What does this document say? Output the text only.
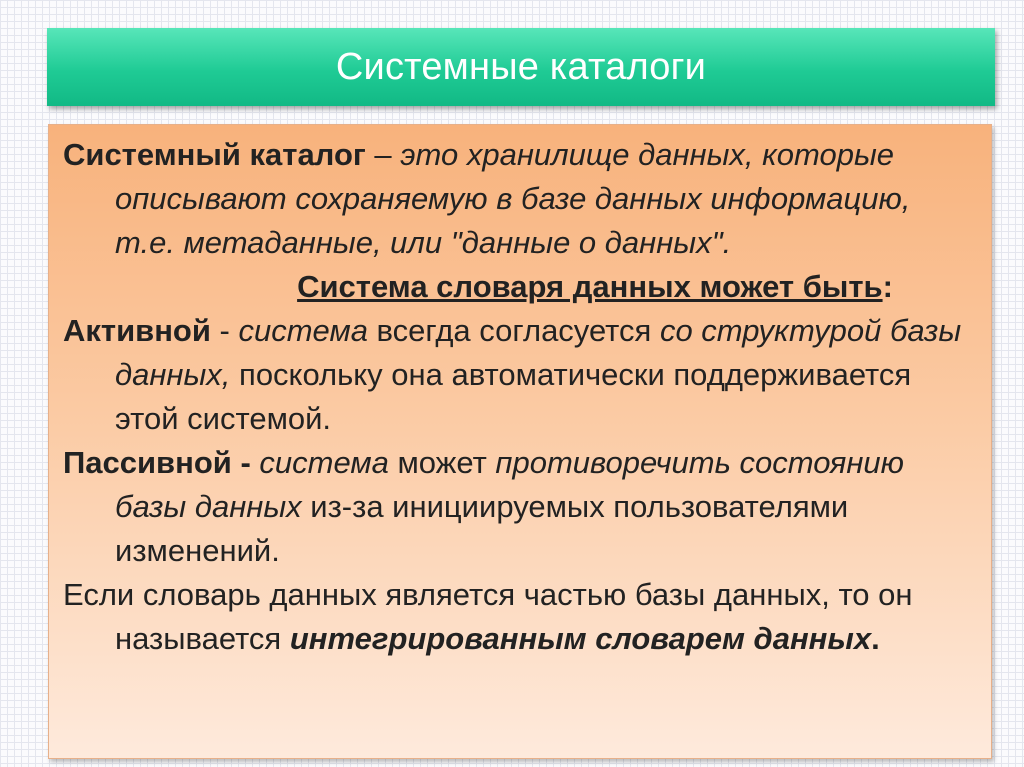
Системные каталоги

Системный каталог – это хранилище данных, которые описывают сохраняемую в базе данных информацию, т.е. метаданные, или "данные о данных".

Система словаря данных может быть:

Активной - система всегда согласуется со структурой базы данных, поскольку она автоматически поддерживается этой системой.

Пассивной - система может противоречить состоянию базы данных из-за инициируемых пользователями изменений.

Если словарь данных является частью базы данных, то он называется интегрированным словарем данных.
